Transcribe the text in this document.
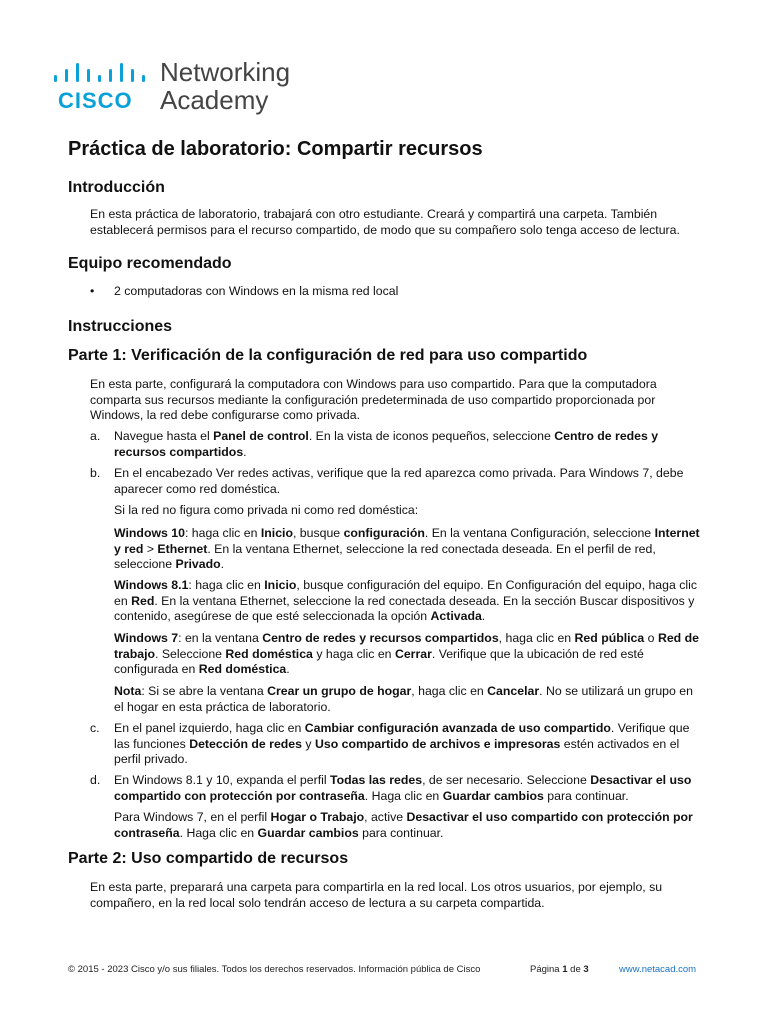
CISCO
Networking
Academy
Práctica de laboratorio: Compartir recursos
Introducción
En esta práctica de laboratorio, trabajará con otro estudiante. Creará y compartirá una carpeta. También establecerá permisos para el recurso compartido, de modo que su compañero solo tenga acceso de lectura.
Equipo recomendado
•	2 computadoras con Windows en la misma red local
Instrucciones
Parte 1: Verificación de la configuración de red para uso compartido
En esta parte, configurará la computadora con Windows para uso compartido. Para que la computadora comparta sus recursos mediante la configuración predeterminada de uso compartido proporcionada por Windows, la red debe configurarse como privada.
a.	Navegue hasta el Panel de control. En la vista de iconos pequeños, seleccione Centro de redes y recursos compartidos.
b.	En el encabezado Ver redes activas, verifique que la red aparezca como privada. Para Windows 7, debe aparecer como red doméstica.
Si la red no figura como privada ni como red doméstica:
Windows 10: haga clic en Inicio, busque configuración. En la ventana Configuración, seleccione Internet y red > Ethernet. En la ventana Ethernet, seleccione la red conectada deseada. En el perfil de red, seleccione Privado.
Windows 8.1: haga clic en Inicio, busque configuración del equipo. En Configuración del equipo, haga clic en Red. En la ventana Ethernet, seleccione la red conectada deseada. En la sección Buscar dispositivos y contenido, asegúrese de que esté seleccionada la opción Activada.
Windows 7: en la ventana Centro de redes y recursos compartidos, haga clic en Red pública o Red de trabajo. Seleccione Red doméstica y haga clic en Cerrar. Verifique que la ubicación de red esté configurada en Red doméstica.
Nota: Si se abre la ventana Crear un grupo de hogar, haga clic en Cancelar. No se utilizará un grupo en el hogar en esta práctica de laboratorio.
c.	En el panel izquierdo, haga clic en Cambiar configuración avanzada de uso compartido. Verifique que las funciones Detección de redes y Uso compartido de archivos e impresoras estén activados en el perfil privado.
d.	En Windows 8.1 y 10, expanda el perfil Todas las redes, de ser necesario. Seleccione Desactivar el uso compartido con protección por contraseña. Haga clic en Guardar cambios para continuar.
Para Windows 7, en el perfil Hogar o Trabajo, active Desactivar el uso compartido con protección por contraseña. Haga clic en Guardar cambios para continuar.
Parte 2: Uso compartido de recursos
En esta parte, preparará una carpeta para compartirla en la red local. Los otros usuarios, por ejemplo, su compañero, en la red local solo tendrán acceso de lectura a su carpeta compartida.
© 2015 - 2023 Cisco y/o sus filiales. Todos los derechos reservados. Información pública de Cisco	Página 1 de 3	www.netacad.com
